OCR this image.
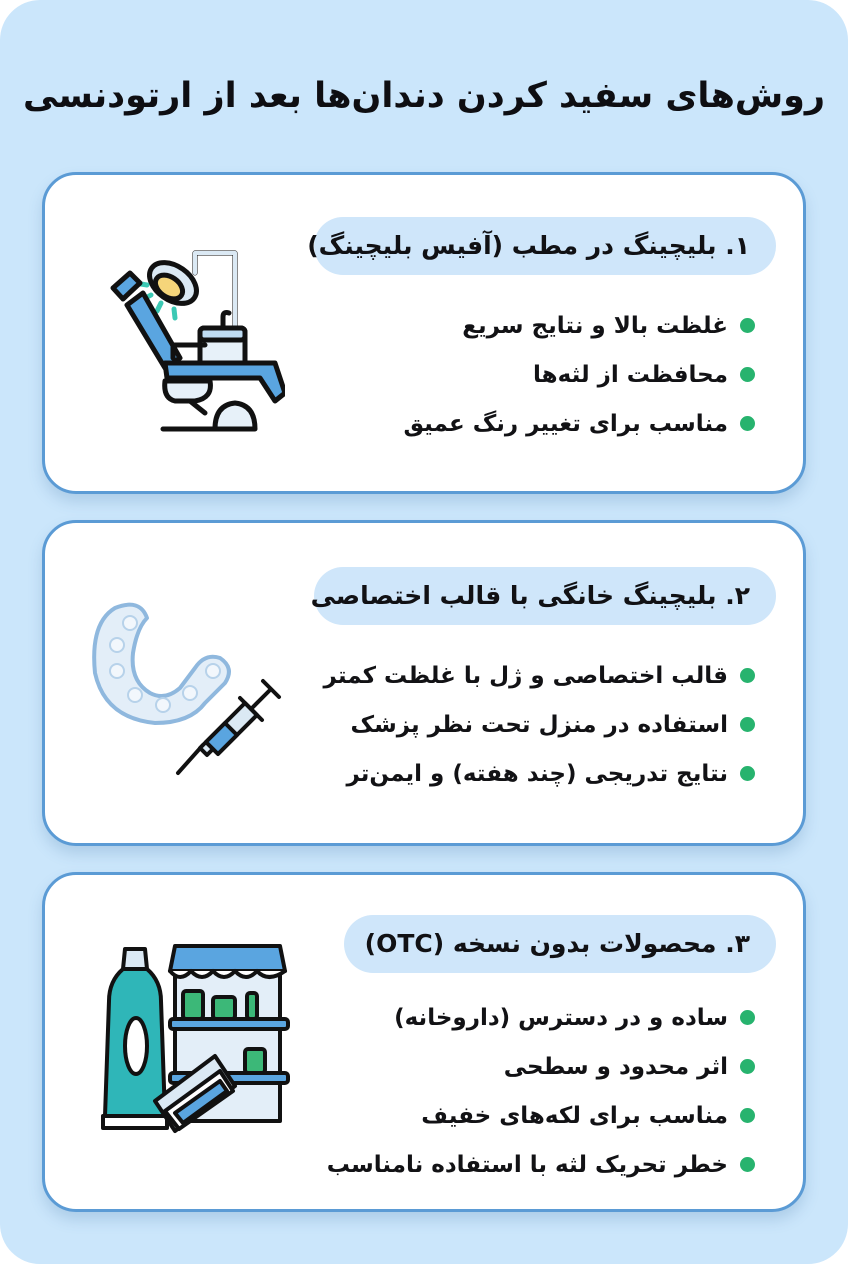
روش‌های سفید کردن دندان‌ها بعد از ارتودنسی
۱. بلیچینگ در مطب (آفیس بلیچینگ)
غلظت بالا و نتایج سریع
محافظت از لثه‌ها
مناسب برای تغییر رنگ عمیق
۲. بلیچینگ خانگی با قالب اختصاصی
قالب اختصاصی و ژل با غلظت کمتر
استفاده در منزل تحت نظر پزشک
نتایج تدریجی (چند هفته) و ایمن‌تر
۳. محصولات بدون نسخه (OTC)
ساده و در دسترس (داروخانه)
اثر محدود و سطحی
مناسب برای لکه‌های خفیف
خطر تحریک لثه با استفاده نامناسب
